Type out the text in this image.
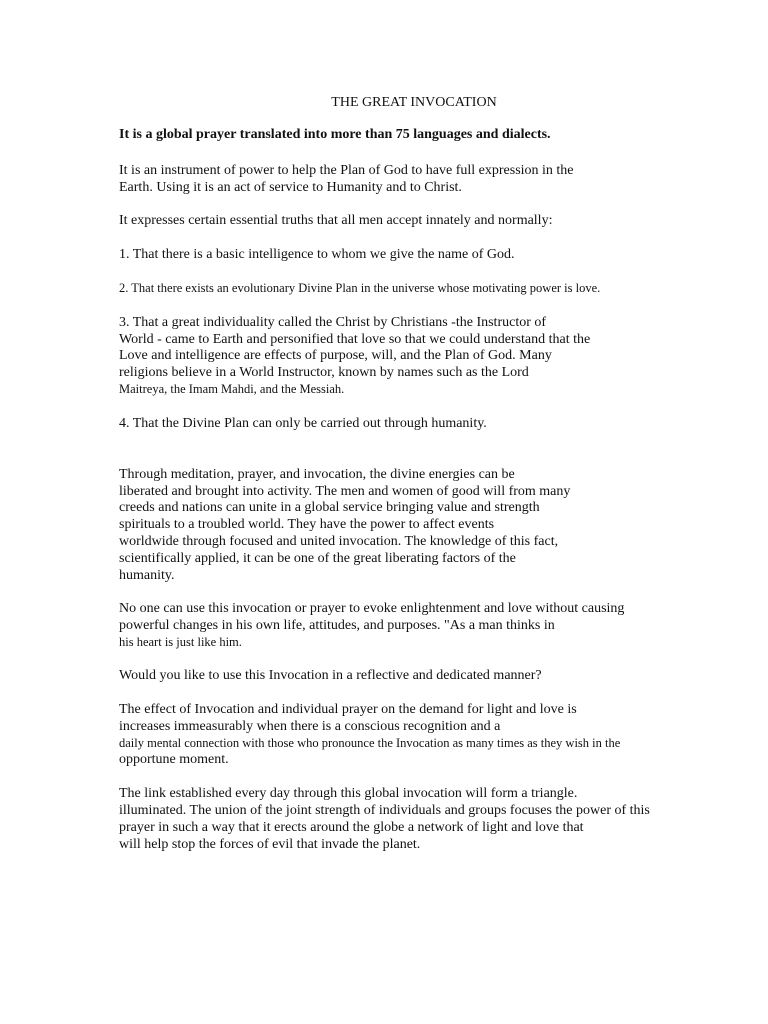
THE GREAT INVOCATION
It is a global prayer translated into more than 75 languages and dialects.
It is an instrument of power to help the Plan of God to have full expression in the
Earth. Using it is an act of service to Humanity and to Christ.
It expresses certain essential truths that all men accept innately and normally:
1. That there is a basic intelligence to whom we give the name of God.
2. That there exists an evolutionary Divine Plan in the universe whose motivating power is love.
3. That a great individuality called the Christ by Christians -the Instructor of
World - came to Earth and personified that love so that we could understand that the
Love and intelligence are effects of purpose, will, and the Plan of God. Many
religions believe in a World Instructor, known by names such as the Lord
Maitreya, the Imam Mahdi, and the Messiah.
4. That the Divine Plan can only be carried out through humanity.
Through meditation, prayer, and invocation, the divine energies can be
liberated and brought into activity. The men and women of good will from many
creeds and nations can unite in a global service bringing value and strength
spirituals to a troubled world. They have the power to affect events
worldwide through focused and united invocation. The knowledge of this fact,
scientifically applied, it can be one of the great liberating factors of the
humanity.
No one can use this invocation or prayer to evoke enlightenment and love without causing
powerful changes in his own life, attitudes, and purposes. "As a man thinks in
his heart is just like him.
Would you like to use this Invocation in a reflective and dedicated manner?
The effect of Invocation and individual prayer on the demand for light and love is
increases immeasurably when there is a conscious recognition and a
daily mental connection with those who pronounce the Invocation as many times as they wish in the
opportune moment.
The link established every day through this global invocation will form a triangle.
illuminated. The union of the joint strength of individuals and groups focuses the power of this
prayer in such a way that it erects around the globe a network of light and love that
will help stop the forces of evil that invade the planet.
